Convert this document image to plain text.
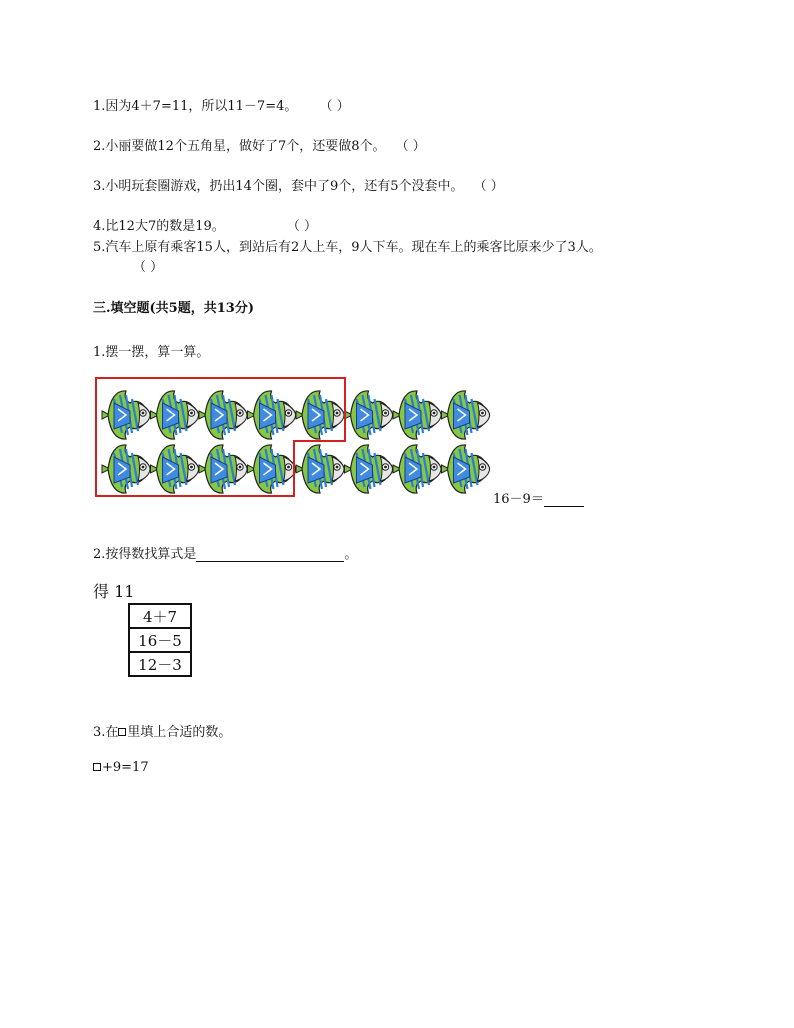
1.因为4＋7=11，所以11－7=4。 （ ）
2.小丽要做12个五角星，做好了7个，还要做8个。 （ ）
3.小明玩套圈游戏，扔出14个圈，套中了9个，还有5个没套中。 （ ）
4.比12大7的数是19。	（ ）
5.汽车上原有乘客15人，到站后有2人上车，9人下车。现在车上的乘客比原来少了3人。
（ ）
三.填空题(共5题，共13分)
1.摆一摆，算一算。
16－9＝
2.按得数找算式是	。
得 11
4＋7
16－5
12－3
3.在 里填上合适的数。
+9=17
